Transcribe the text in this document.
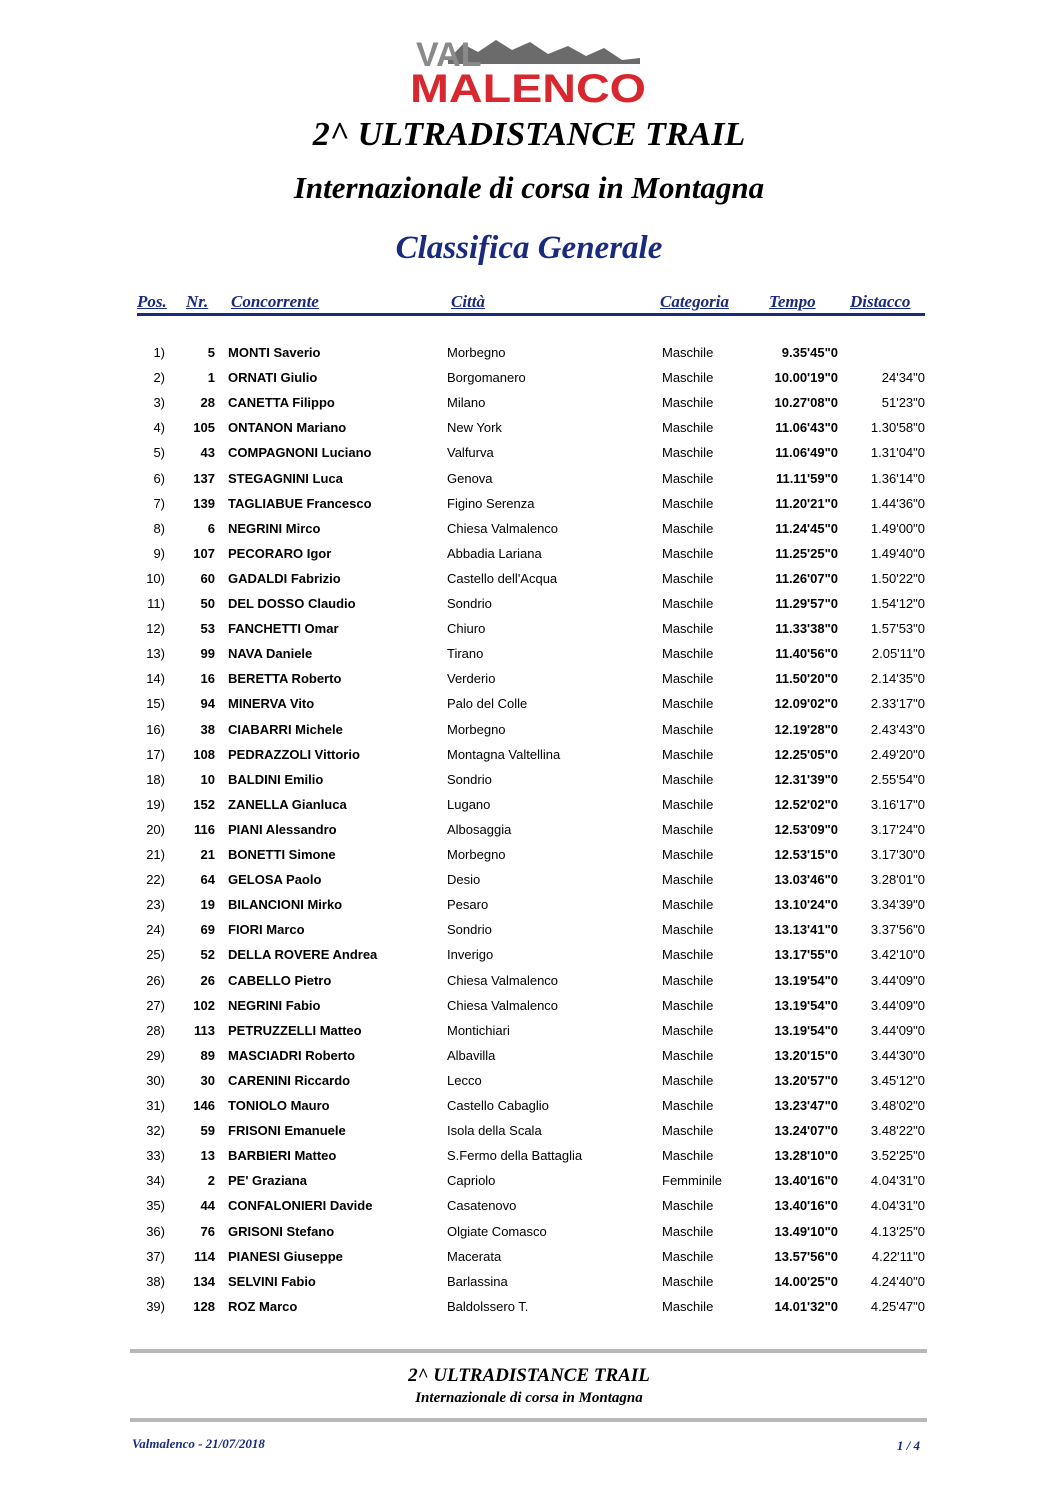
VAL
MALENCO
2^ ULTRADISTANCE TRAIL
Internazionale di corsa in Montagna
Classifica Generale
Pos. Nr. Concorrente	Città	Categoria Tempo Distacco
1)	5 MONTI Saverio	Morbegno	Maschile	9.35'45"0
2)	1 ORNATI Giulio	Borgomanero	Maschile	10.00'19"0	24'34"0
3)	28 CANETTA Filippo	Milano	Maschile	10.27'08"0	51'23"0
4)	105 ONTANON Mariano	New York	Maschile	11.06'43"0	1.30'58"0
5)	43 COMPAGNONI Luciano	Valfurva	Maschile	11.06'49"0	1.31'04"0
6)	137 STEGAGNINI Luca	Genova	Maschile	11.11'59"0	1.36'14"0
7)	139 TAGLIABUE Francesco	Figino Serenza	Maschile	11.20'21"0	1.44'36"0
8)	6 NEGRINI Mirco	Chiesa Valmalenco	Maschile	11.24'45"0	1.49'00"0
9)	107 PECORARO Igor	Abbadia Lariana	Maschile	11.25'25"0	1.49'40"0
10)	60 GADALDI Fabrizio	Castello dell'Acqua	Maschile	11.26'07"0	1.50'22"0
11)	50 DEL DOSSO Claudio	Sondrio	Maschile	11.29'57"0	1.54'12"0
12)	53 FANCHETTI Omar	Chiuro	Maschile	11.33'38"0	1.57'53"0
13)	99 NAVA Daniele	Tirano	Maschile	11.40'56"0	2.05'11"0
14)	16 BERETTA Roberto	Verderio	Maschile	11.50'20"0	2.14'35"0
15)	94 MINERVA Vito	Palo del Colle	Maschile	12.09'02"0	2.33'17"0
16)	38 CIABARRI Michele	Morbegno	Maschile	12.19'28"0	2.43'43"0
17)	108 PEDRAZZOLI Vittorio	Montagna Valtellina	Maschile	12.25'05"0	2.49'20"0
18)	10 BALDINI Emilio	Sondrio	Maschile	12.31'39"0	2.55'54"0
19)	152 ZANELLA Gianluca	Lugano	Maschile	12.52'02"0	3.16'17"0
20)	116 PIANI Alessandro	Albosaggia	Maschile	12.53'09"0	3.17'24"0
21)	21 BONETTI Simone	Morbegno	Maschile	12.53'15"0	3.17'30"0
22)	64 GELOSA Paolo	Desio	Maschile	13.03'46"0	3.28'01"0
23)	19 BILANCIONI Mirko	Pesaro	Maschile	13.10'24"0	3.34'39"0
24)	69 FIORI Marco	Sondrio	Maschile	13.13'41"0	3.37'56"0
25)	52 DELLA ROVERE Andrea	Inverigo	Maschile	13.17'55"0	3.42'10"0
26)	26 CABELLO Pietro	Chiesa Valmalenco	Maschile	13.19'54"0	3.44'09"0
27)	102 NEGRINI Fabio	Chiesa Valmalenco	Maschile	13.19'54"0	3.44'09"0
28)	113 PETRUZZELLI Matteo	Montichiari	Maschile	13.19'54"0	3.44'09"0
29)	89 MASCIADRI Roberto	Albavilla	Maschile	13.20'15"0	3.44'30"0
30)	30 CARENINI Riccardo	Lecco	Maschile	13.20'57"0	3.45'12"0
31)	146 TONIOLO Mauro	Castello Cabaglio	Maschile	13.23'47"0	3.48'02"0
32)	59 FRISONI Emanuele	Isola della Scala	Maschile	13.24'07"0	3.48'22"0
33)	13 BARBIERI Matteo	S.Fermo della Battaglia	Maschile	13.28'10"0	3.52'25"0
34)	2 PE' Graziana	Capriolo	Femminile	13.40'16"0	4.04'31"0
35)	44 CONFALONIERI Davide	Casatenovo	Maschile	13.40'16"0	4.04'31"0
36)	76 GRISONI Stefano	Olgiate Comasco	Maschile	13.49'10"0	4.13'25"0
37)	114 PIANESI Giuseppe	Macerata	Maschile	13.57'56"0	4.22'11"0
38)	134 SELVINI Fabio	Barlassina	Maschile	14.00'25"0	4.24'40"0
39)	128 ROZ Marco	Baldolssero T.	Maschile	14.01'32"0	4.25'47"0
2^ ULTRADISTANCE TRAIL
Internazionale di corsa in Montagna
Valmalenco - 21/07/2018	1 / 4
